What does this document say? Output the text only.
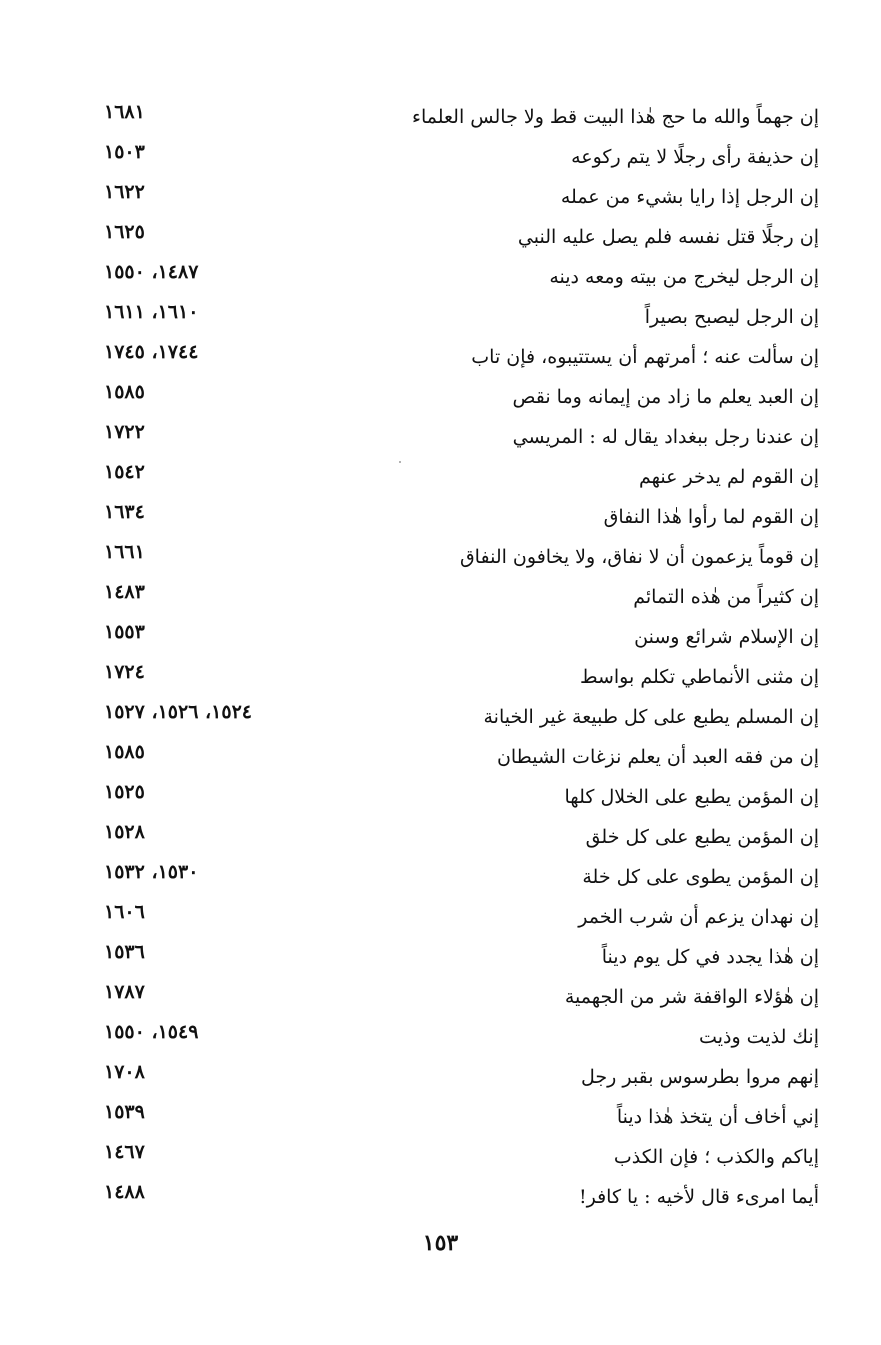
إن جهماً والله ما حج هٰذا البيت قط ولا جالس العلماء
١٦٨١
إن حذيفة رأى رجلًا لا يتم ركوعه
١٥٠٣
إن الرجل إذا رايا بشيء من عمله
١٦٢٢
إن رجلًا قتل نفسه فلم يصل عليه النبي
١٦٢٥
إن الرجل ليخرج من بيته ومعه دينه
١٤٨٧، ١٥٥٠
إن الرجل ليصبح بصيراً
١٦١٠، ١٦١١
إن سألت عنه ؛ أمرتهم أن يستتيبوه، فإن تاب
١٧٤٤، ١٧٤٥
إن العبد يعلم ما زاد من إيمانه وما نقص
١٥٨٥
إن عندنا رجل ببغداد يقال له : المريسي
١٧٢٢
إن القوم لم يدخر عنهم
١٥٤٢
إن القوم لما رأوا هٰذا النفاق
١٦٣٤
إن قوماً يزعمون أن لا نفاق، ولا يخافون النفاق
١٦٦١
إن كثيراً من هٰذه التمائم
١٤٨٣
إن الإسلام شرائع وسنن
١٥٥٣
إن مثنى الأنماطي تكلم بواسط
١٧٢٤
إن المسلم يطبع على كل طبيعة غير الخيانة
١٥٢٤، ١٥٢٦، ١٥٢٧
إن من فقه العبد أن يعلم نزغات الشيطان
١٥٨٥
إن المؤمن يطبع على الخلال كلها
١٥٢٥
إن المؤمن يطبع على كل خلق
١٥٢٨
إن المؤمن يطوى على كل خلة
١٥٣٠، ١٥٣٢
إن نهدان يزعم أن شرب الخمر
١٦٠٦
إن هٰذا يجدد في كل يوم ديناً
١٥٣٦
إن هٰؤلاء الواقفة شر من الجهمية
١٧٨٧
إنك لذيت وذيت
١٥٤٩، ١٥٥٠
إنهم مروا بطرسوس بقبر رجل
١٧٠٨
إني أخاف أن يتخذ هٰذا ديناً
١٥٣٩
إياكم والكذب ؛ فإن الكذب
١٤٦٧
أيما امرىء قال لأخيه : يا كافر!
١٤٨٨
١٥٣
